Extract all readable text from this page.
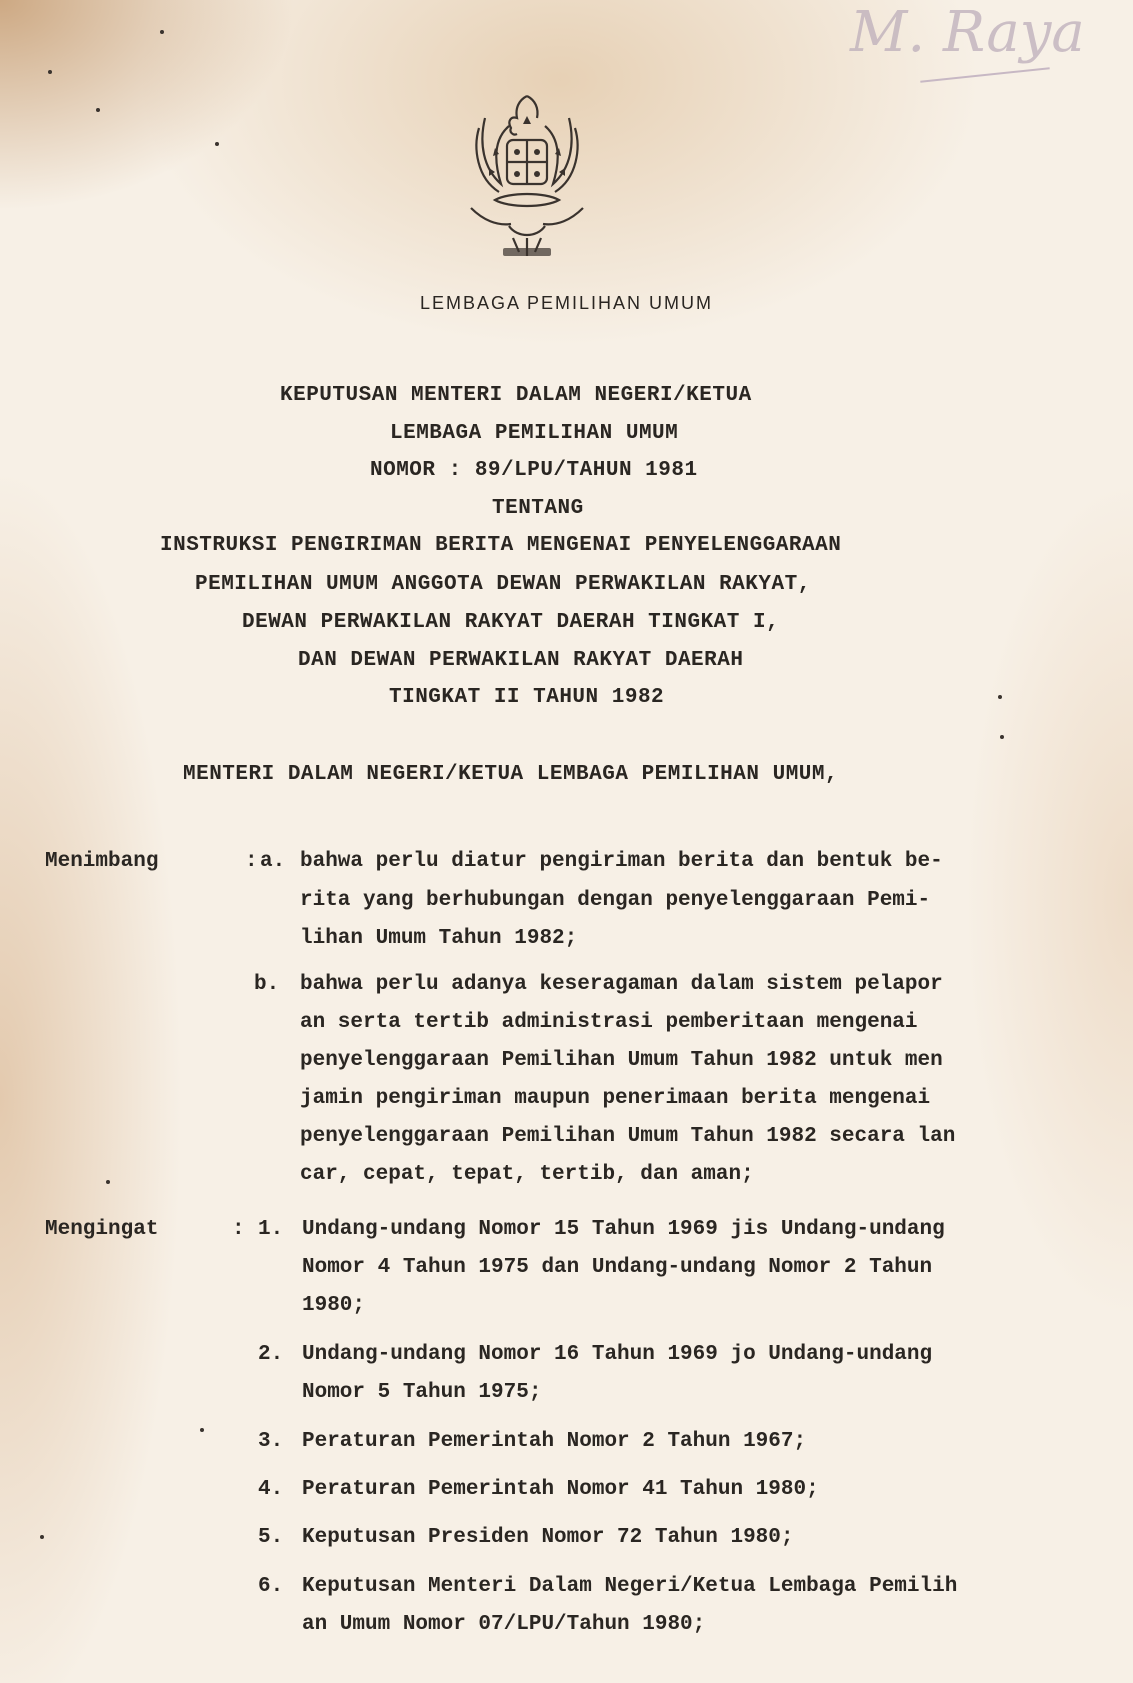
M. Raya
LEMBAGA PEMILIHAN UMUM
KEPUTUSAN MENTERI DALAM NEGERI/KETUA
LEMBAGA PEMILIHAN UMUM
NOMOR : 89/LPU/TAHUN 1981
TENTANG
INSTRUKSI PENGIRIMAN BERITA MENGENAI PENYELENGGARAAN
PEMILIHAN UMUM ANGGOTA DEWAN PERWAKILAN RAKYAT,
DEWAN PERWAKILAN RAKYAT DAERAH TINGKAT I,
DAN DEWAN PERWAKILAN RAKYAT DAERAH
TINGKAT II TAHUN 1982
MENTERI DALAM NEGERI/KETUA LEMBAGA PEMILIHAN UMUM,
Menimbang	: a. bahwa perlu diatur pengiriman berita dan bentuk be-
rita yang berhubungan dengan penyelenggaraan Pemi-
lihan Umum Tahun 1982;
b. bahwa perlu adanya keseragaman dalam sistem pelapor
an serta tertib administrasi pemberitaan mengenai
penyelenggaraan Pemilihan Umum Tahun 1982 untuk men
jamin pengiriman maupun penerimaan berita mengenai
penyelenggaraan Pemilihan Umum Tahun 1982 secara lan
car, cepat, tepat, tertib, dan aman;
Mengingat	: 1. Undang-undang Nomor 15 Tahun 1969 jis Undang-undang
Nomor 4 Tahun 1975 dan Undang-undang Nomor 2 Tahun
1980;
2. Undang-undang Nomor 16 Tahun 1969 jo Undang-undang
Nomor 5 Tahun 1975;
3. Peraturan Pemerintah Nomor 2 Tahun 1967;
4. Peraturan Pemerintah Nomor 41 Tahun 1980;
5. Keputusan Presiden Nomor 72 Tahun 1980;
6. Keputusan Menteri Dalam Negeri/Ketua Lembaga Pemilih
an Umum Nomor 07/LPU/Tahun 1980;
